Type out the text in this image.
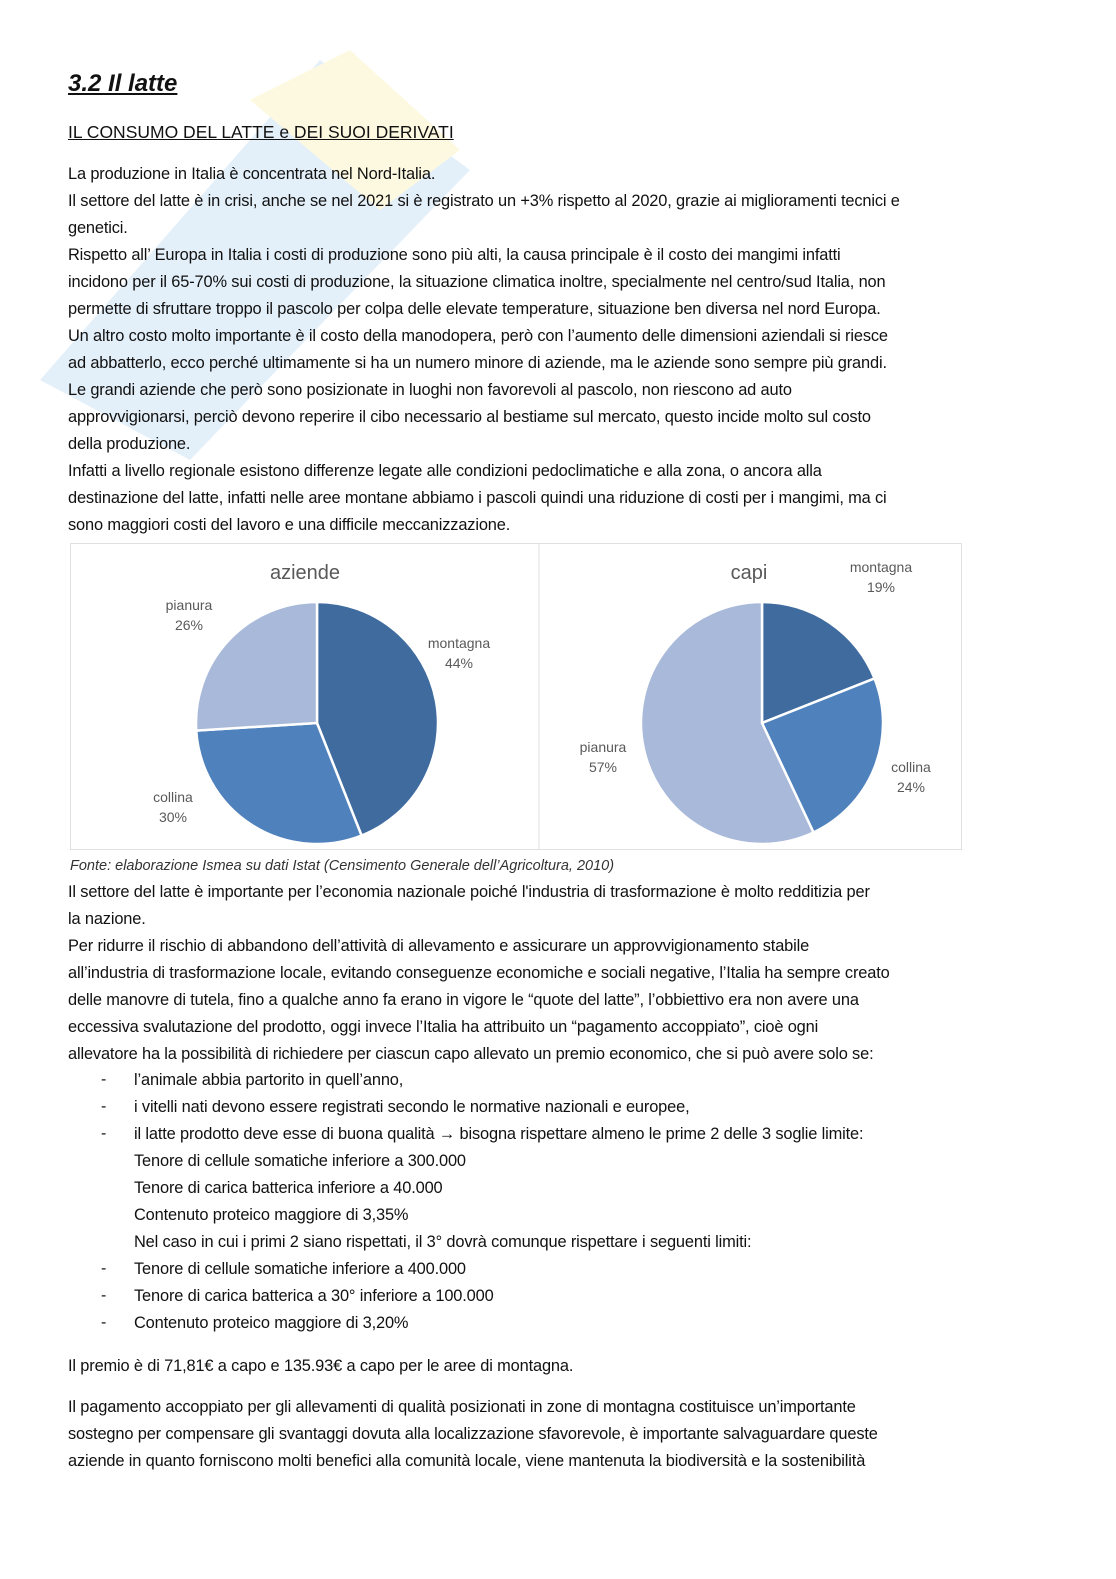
3.2 Il latte
IL CONSUMO DEL LATTE e DEI SUOI DERIVATI
La produzione in Italia è concentrata nel Nord-Italia.
Il settore del latte è in crisi, anche se nel 2021 si è registrato un +3% rispetto al 2020, grazie ai miglioramenti tecnici e
genetici.
Rispetto all’ Europa in Italia i costi di produzione sono più alti, la causa principale è il costo dei mangimi infatti
incidono per il 65-70% sui costi di produzione, la situazione climatica inoltre, specialmente nel centro/sud Italia, non
permette di sfruttare troppo il pascolo per colpa delle elevate temperature, situazione ben diversa nel nord Europa.
Un altro costo molto importante è il costo della manodopera, però con l’aumento delle dimensioni aziendali si riesce
ad abbatterlo, ecco perché ultimamente si ha un numero minore di aziende, ma le aziende sono sempre più grandi.
Le grandi aziende che però sono posizionate in luoghi non favorevoli al pascolo, non riescono ad auto
approvvigionarsi, perciò devono reperire il cibo necessario al bestiame sul mercato, questo incide molto sul costo
della produzione.
Infatti a livello regionale esistono differenze legate alle condizioni pedoclimatiche e alla zona, o ancora alla
destinazione del latte, infatti nelle aree montane abbiamo i pascoli quindi una riduzione di costi per i mangimi, ma ci
sono maggiori costi del lavoro e una difficile meccanizzazione.
montagna
44%
collina
30%
pianura
26%
aziende	montagna
19%
collina
24%
pianura
57%
capi
Fonte: elaborazione Ismea su dati Istat (Censimento Generale dell’Agricoltura, 2010)
Il settore del latte è importante per l’economia nazionale poiché l'industria di trasformazione è molto redditizia per
la nazione.
Per ridurre il rischio di abbandono dell’attività di allevamento e assicurare un approvvigionamento stabile
all’industria di trasformazione locale, evitando conseguenze economiche e sociali negative, l’Italia ha sempre creato
delle manovre di tutela, fino a qualche anno fa erano in vigore le “quote del latte”, l’obbiettivo era non avere una
eccessiva svalutazione del prodotto, oggi invece l’Italia ha attribuito un “pagamento accoppiato”, cioè ogni
allevatore ha la possibilità di richiedere per ciascun capo allevato un premio economico, che si può avere solo se:
- l’animale abbia partorito in quell’anno,
- i vitelli nati devono essere registrati secondo le normative nazionali e europee,
- il latte prodotto deve esse di buona qualità → bisogna rispettare almeno le prime 2 delle 3 soglie limite:
Tenore di cellule somatiche inferiore a 300.000
Tenore di carica batterica inferiore a 40.000
Contenuto proteico maggiore di 3,35%
Nel caso in cui i primi 2 siano rispettati, il 3° dovrà comunque rispettare i seguenti limiti:
- Tenore di cellule somatiche inferiore a 400.000
- Tenore di carica batterica a 30° inferiore a 100.000
- Contenuto proteico maggiore di 3,20%
Il premio è di 71,81€ a capo e 135.93€ a capo per le aree di montagna.
Il pagamento accoppiato per gli allevamenti di qualità posizionati in zone di montagna costituisce un’importante
sostegno per compensare gli svantaggi dovuta alla localizzazione sfavorevole, è importante salvaguardare queste
aziende in quanto forniscono molti benefici alla comunità locale, viene mantenuta la biodiversità e la sostenibilità
